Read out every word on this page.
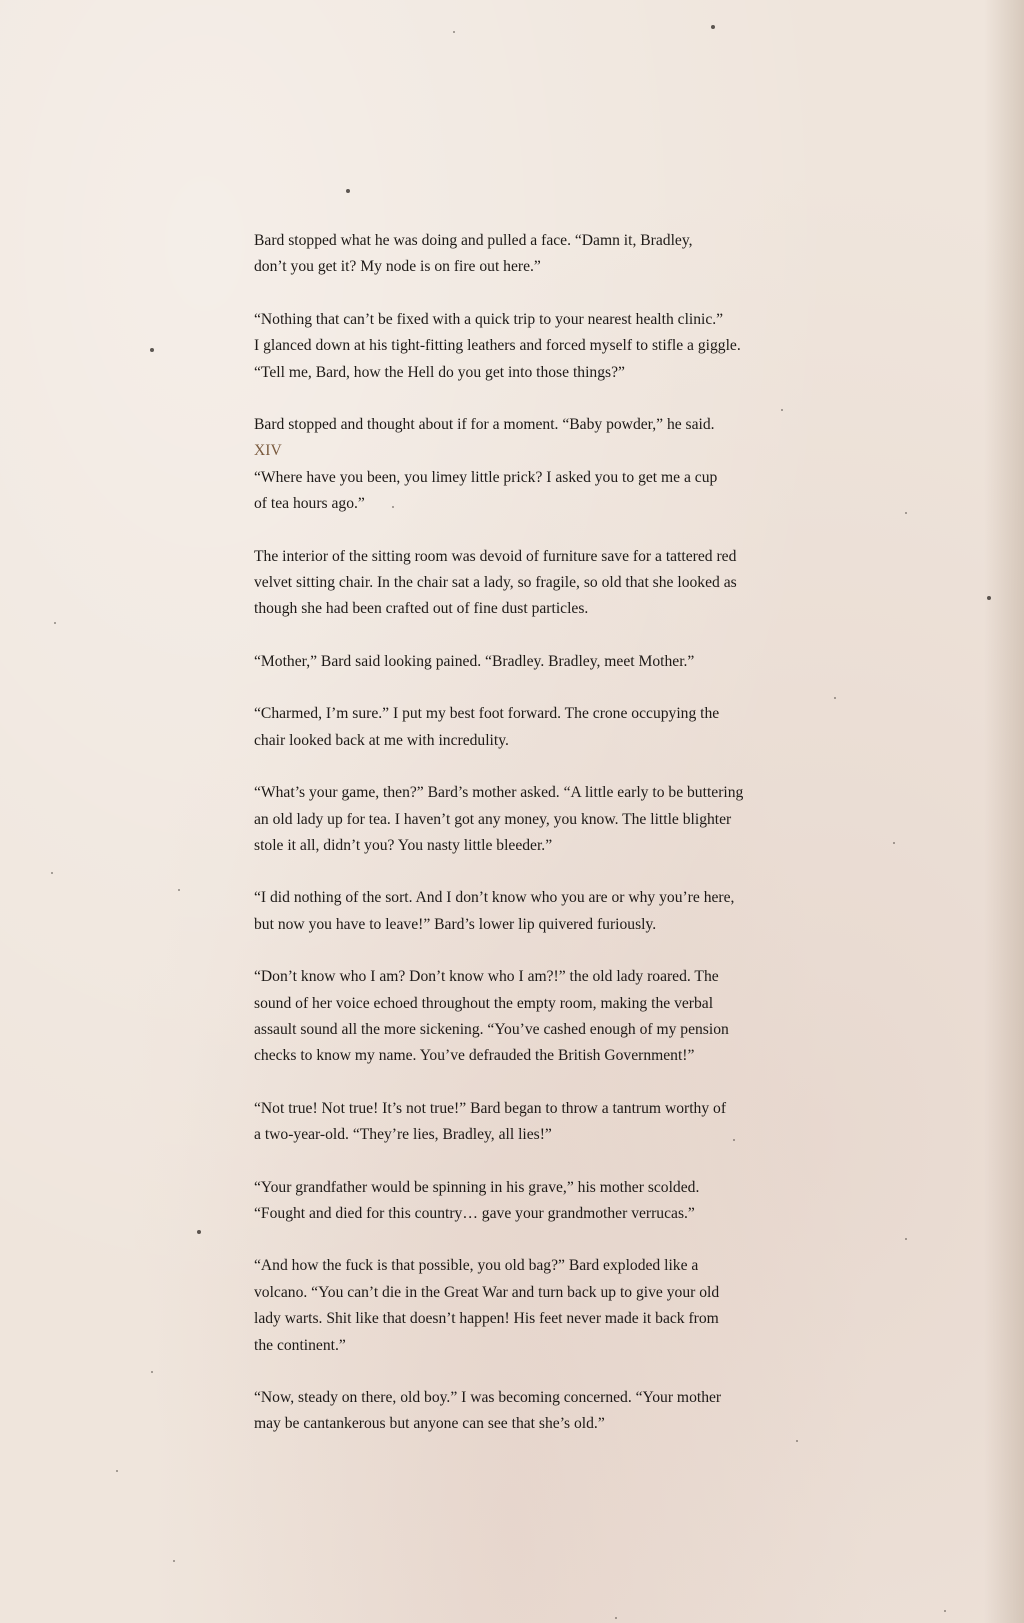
Bard stopped what he was doing and pulled a face. “Damn it, Bradley,
don’t you get it? My node is on fire out here.”

“Nothing that can’t be fixed with a quick trip to your nearest health clinic.”
I glanced down at his tight-fitting leathers and forced myself to stifle a giggle.
“Tell me, Bard, how the Hell do you get into those things?”

Bard stopped and thought about if for a moment. “Baby powder,” he said.

XIV

“Where have you been, you limey little prick? I asked you to get me a cup
of tea hours ago.”

The interior of the sitting room was devoid of furniture save for a tattered red
velvet sitting chair. In the chair sat a lady, so fragile, so old that she looked as
though she had been crafted out of fine dust particles.

“Mother,” Bard said looking pained. “Bradley. Bradley, meet Mother.”

“Charmed, I’m sure.” I put my best foot forward. The crone occupying the
chair looked back at me with incredulity.

“What’s your game, then?” Bard’s mother asked. “A little early to be buttering
an old lady up for tea. I haven’t got any money, you know. The little blighter
stole it all, didn’t you? You nasty little bleeder.”

“I did nothing of the sort. And I don’t know who you are or why you’re here,
but now you have to leave!” Bard’s lower lip quivered furiously.

“Don’t know who I am? Don’t know who I am?!” the old lady roared. The
sound of her voice echoed throughout the empty room, making the verbal
assault sound all the more sickening. “You’ve cashed enough of my pension
checks to know my name. You’ve defrauded the British Government!”

“Not true! Not true! It’s not true!” Bard began to throw a tantrum worthy of
a two-year-old. “They’re lies, Bradley, all lies!”

“Your grandfather would be spinning in his grave,” his mother scolded.
“Fought and died for this country… gave your grandmother verrucas.”

“And how the fuck is that possible, you old bag?” Bard exploded like a
volcano. “You can’t die in the Great War and turn back up to give your old
lady warts. Shit like that doesn’t happen! His feet never made it back from
the continent.”

“Now, steady on there, old boy.” I was becoming concerned. “Your mother
may be cantankerous but anyone can see that she’s old.”
